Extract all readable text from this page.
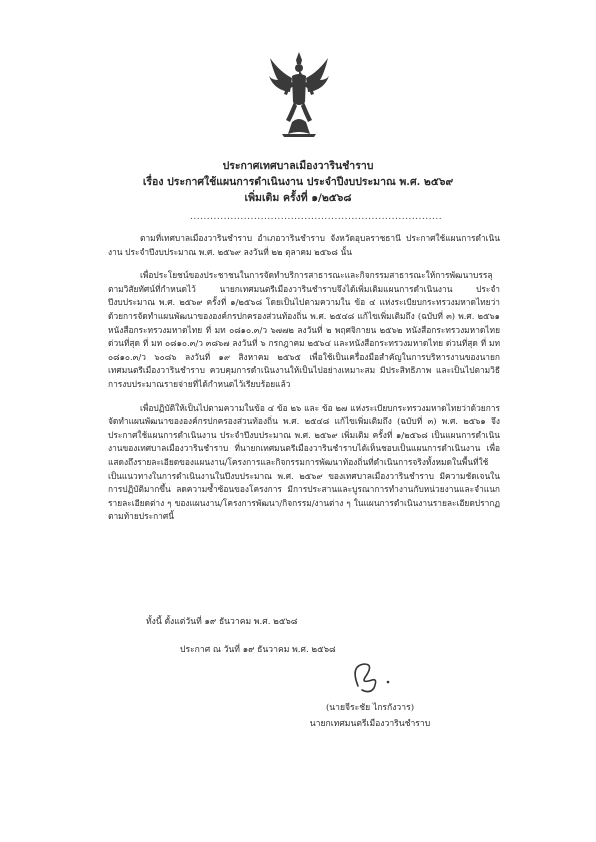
ประกาศเทศบาลเมืองวารินชำราบ
เรื่อง ประกาศใช้แผนการดำเนินงาน ประจำปีงบประมาณ พ.ศ. ๒๕๖๙
เพิ่มเติม ครั้งที่ ๑/๒๕๖๘
...........................................................................

ตามที่เทศบาลเมืองวารินชำราบ อำเภอวารินชำราบ จังหวัดอุบลราชธานี ประกาศใช้แผนการดำเนินงาน ประจำปีงบประมาณ พ.ศ. ๒๕๖๙ ลงวันที่ ๒๒ ตุลาคม ๒๕๖๘ นั้น

เพื่อประโยชน์ของประชาชนในการจัดทำบริการสาธารณะและกิจกรรมสาธารณะให้การพัฒนาบรรลุตามวิสัยทัศน์ที่กำหนดไว้ นายกเทศมนตรีเมืองวารินชำราบจึงได้เพิ่มเติมแผนการดำเนินงาน ประจำปีงบประมาณ พ.ศ. ๒๕๖๙ ครั้งที่ ๑/๒๕๖๘ โดยเป็นไปตามความใน ข้อ ๔ แห่งระเบียบกระทรวงมหาดไทยว่าด้วยการจัดทำแผนพัฒนาขององค์กรปกครองส่วนท้องถิ่น พ.ศ. ๒๕๔๘ แก้ไขเพิ่มเติมถึง (ฉบับที่ ๓) พ.ศ. ๒๕๖๑ หนังสือกระทรวงมหาดไทย ที่ มท ๐๘๑๐.๓/ว ๖๗๗๒ ลงวันที่ ๒ พฤศจิกายน ๒๕๖๒ หนังสือกระทรวงมหาดไทย ด่วนที่สุด ที่ มท ๐๘๑๐.๓/ว ๓๘๖๗ ลงวันที่ ๖ กรกฎาคม ๒๕๖๔ และหนังสือกระทรวงมหาดไทย ด่วนที่สุด ที่ มท ๐๘๑๐.๓/ว ๖๐๘๖ ลงวันที่ ๑๙ สิงหาคม ๒๕๖๕ เพื่อใช้เป็นเครื่องมือสำคัญในการบริหารงานของนายกเทศมนตรีเมืองวารินชำราบ ควบคุมการดำเนินงานให้เป็นไปอย่างเหมาะสม มีประสิทธิภาพ และเป็นไปตามวิธีการงบประมาณรายจ่ายที่ได้กำหนดไว้เรียบร้อยแล้ว

เพื่อปฏิบัติให้เป็นไปตามความในข้อ ๔ ข้อ ๒๖ และ ข้อ ๒๗ แห่งระเบียบกระทรวงมหาดไทยว่าด้วยการจัดทำแผนพัฒนาขององค์กรปกครองส่วนท้องถิ่น พ.ศ. ๒๕๔๘ แก้ไขเพิ่มเติมถึง (ฉบับที่ ๓) พ.ศ. ๒๕๖๑ จึงประกาศใช้แผนการดำเนินงาน ประจำปีงบประมาณ พ.ศ. ๒๕๖๙ เพิ่มเติม ครั้งที่ ๑/๒๕๖๘ เป็นแผนการดำเนินงานของเทศบาลเมืองวารินชำราบ ที่นายกเทศมนตรีเมืองวารินชำราบได้เห็นชอบเป็นแผนการดำเนินงาน เพื่อแสดงถึงรายละเอียดของแผนงาน/โครงการและกิจกรรมการพัฒนาท้องถิ่นที่ดำเนินการจริงทั้งหมดในพื้นที่ใช้เป็นแนวทางในการดำเนินงานในปีงบประมาณ พ.ศ. ๒๕๖๙ ของเทศบาลเมืองวารินชำราบ มีความชัดเจนในการปฏิบัติมากขึ้น ลดความซ้ำซ้อนของโครงการ มีการประสานและบูรณาการทำงานกับหน่วยงานและจำแนกรายละเอียดต่าง ๆ ของแผนงาน/โครงการพัฒนา/กิจกรรม/งานต่าง ๆ ในแผนการดำเนินงานรายละเอียดปรากฏตามท้ายประกาศนี้

ทั้งนี้ ตั้งแต่วันที่ ๑๙ ธันวาคม พ.ศ. ๒๕๖๘
ประกาศ ณ วันที่ ๑๙ ธันวาคม พ.ศ. ๒๕๖๘
(นายจีระชัย ไกรกังวาร)
นายกเทศมนตรีเมืองวารินชำราบ
